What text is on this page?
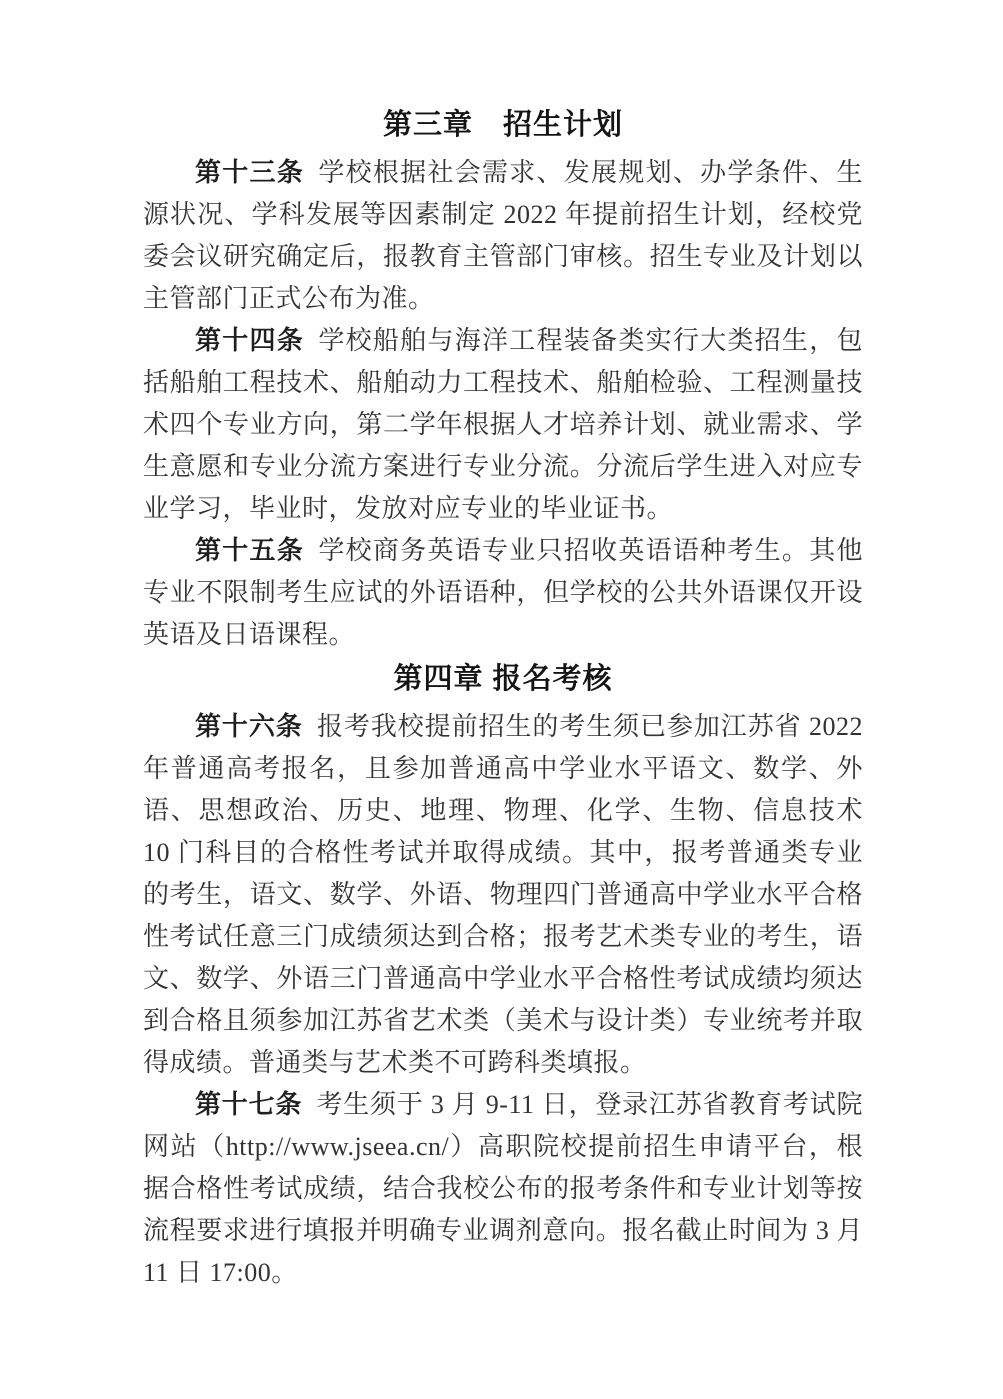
第三章　招生计划

第十三条 学校根据社会需求、发展规划、办学条件、生源状况、学科发展等因素制定 2022 年提前招生计划，经校党委会议研究确定后，报教育主管部门审核。招生专业及计划以主管部门正式公布为准。

第十四条 学校船舶与海洋工程装备类实行大类招生，包括船舶工程技术、船舶动力工程技术、船舶检验、工程测量技术四个专业方向，第二学年根据人才培养计划、就业需求、学生意愿和专业分流方案进行专业分流。分流后学生进入对应专业学习，毕业时，发放对应专业的毕业证书。

第十五条 学校商务英语专业只招收英语语种考生。其他专业不限制考生应试的外语语种，但学校的公共外语课仅开设英语及日语课程。

第四章 报名考核

第十六条 报考我校提前招生的考生须已参加江苏省 2022 年普通高考报名，且参加普通高中学业水平语文、数学、外语、思想政治、历史、地理、物理、化学、生物、信息技术 10 门科目的合格性考试并取得成绩。其中，报考普通类专业的考生，语文、数学、外语、物理四门普通高中学业水平合格性考试任意三门成绩须达到合格；报考艺术类专业的考生，语文、数学、外语三门普通高中学业水平合格性考试成绩均须达到合格且须参加江苏省艺术类（美术与设计类）专业统考并取得成绩。普通类与艺术类不可跨科类填报。

第十七条 考生须于 3 月 9-11 日，登录江苏省教育考试院网站（http://www.jseea.cn/）高职院校提前招生申请平台，根据合格性考试成绩，结合我校公布的报考条件和专业计划等按流程要求进行填报并明确专业调剂意向。报名截止时间为 3 月 11 日 17:00。
